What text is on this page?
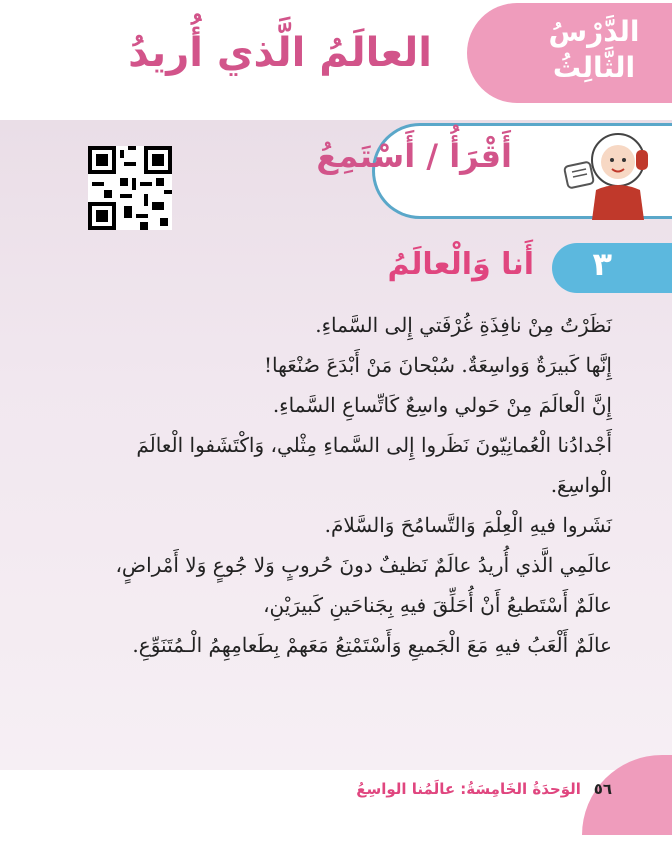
الدَّرْسُ
الثَّالِثُ
العالَمُ الَّذي أُريدُ
أَقْرَأُ / أَسْتَمِعُ
٣
أَنا وَالْعالَمُ

نَظَرْتُ مِنْ نافِذَةِ غُرْفَتي إِلى السَّماءِ.

إِنَّها كَبيرَةٌ وَواسِعَةٌ. سُبْحانَ مَنْ أَبْدَعَ صُنْعَها!

إِنَّ الْعالَمَ مِنْ حَولي واسِعٌ كَاتِّساعِ السَّماءِ.

أَجْدادُنا الْعُمانِيّونَ نَظَروا إِلى السَّماءِ مِثْلي، وَاكْتَشَفوا الْعالَمَ

الْواسِعَ.

نَشَروا فيهِ الْعِلْمَ وَالتَّسامُحَ وَالسَّلامَ.

عالَمِي الَّذي أُريدُ عالَمٌ نَظيفٌ دونَ حُروبٍ وَلا جُوعٍ وَلا أَمْراضٍ،

عالَمٌ أَسْتَطيعُ أَنْ أُحَلِّقَ فيهِ بِجَناحَينِ كَبيرَيْنِ،

عالَمٌ أَلْعَبُ فيهِ مَعَ الْجَميعِ وَأَسْتَمْتِعُ مَعَهمْ بِطَعامِهِمُ الْـمُتَنَوِّعِ.

٥٦ الوَحدَةُ الخَامِسَةُ: عالَمُنا الواسِعُ
